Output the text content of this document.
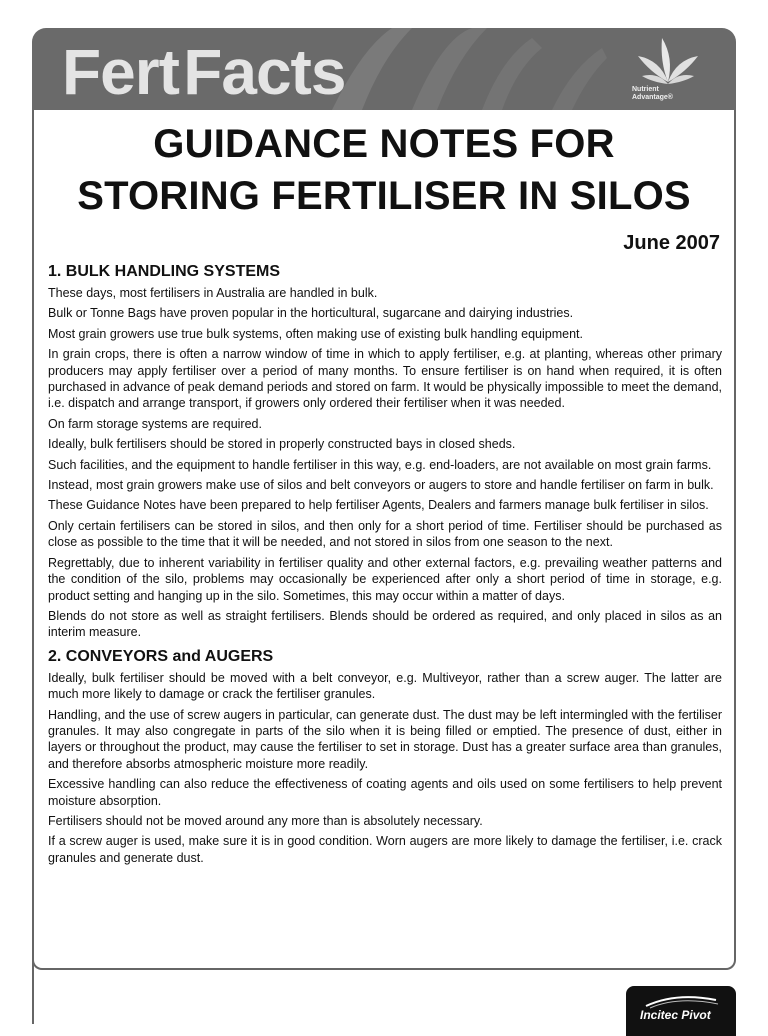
Fert Facts	Nutrient
Advantage®
GUIDANCE NOTES FOR
STORING FERTILISER IN SILOS
June 2007
1. BULK HANDLING SYSTEMS

These days, most fertilisers in Australia are handled in bulk.

Bulk or Tonne Bags have proven popular in the horticultural, sugarcane and dairying industries.

Most grain growers use true bulk systems, often making use of existing bulk handling equipment.

In grain crops, there is often a narrow window of time in which to apply fertiliser, e.g. at planting, whereas other primary producers may apply fertiliser over a period of many months. To ensure fertiliser is on hand when required, it is often purchased in advance of peak demand periods and stored on farm. It would be physically impossible to meet the demand, i.e. dispatch and arrange transport, if growers only ordered their fertiliser when it was needed.

On farm storage systems are required.

Ideally, bulk fertilisers should be stored in properly constructed bays in closed sheds.

Such facilities, and the equipment to handle fertiliser in this way, e.g. end-loaders, are not available on most grain farms.

Instead, most grain growers make use of silos and belt conveyors or augers to store and handle fertiliser on farm in bulk.

These Guidance Notes have been prepared to help fertiliser Agents, Dealers and farmers manage bulk fertiliser in silos.

Only certain fertilisers can be stored in silos, and then only for a short period of time. Fertiliser should be purchased as close as possible to the time that it will be needed, and not stored in silos from one season to the next.

Regrettably, due to inherent variability in fertiliser quality and other external factors, e.g. prevailing weather patterns and the condition of the silo, problems may occasionally be experienced after only a short period of time in storage, e.g. product setting and hanging up in the silo. Sometimes, this may occur within a matter of days.

Blends do not store as well as straight fertilisers. Blends should be ordered as required, and only placed in silos as an interim measure.

2. CONVEYORS and AUGERS

Ideally, bulk fertiliser should be moved with a belt conveyor, e.g. Multiveyor, rather than a screw auger. The latter are much more likely to damage or crack the fertiliser granules.

Handling, and the use of screw augers in particular, can generate dust. The dust may be left intermingled with the fertiliser granules. It may also congregate in parts of the silo when it is being filled or emptied. The presence of dust, either in layers or throughout the product, may cause the fertiliser to set in storage. Dust has a greater surface area than granules, and therefore absorbs atmospheric moisture more readily.

Excessive handling can also reduce the effectiveness of coating agents and oils used on some fertilisers to help prevent moisture absorption.

Fertilisers should not be moved around any more than is absolutely necessary.

If a screw auger is used, make sure it is in good condition. Worn augers are more likely to damage the fertiliser, i.e. crack granules and generate dust.

Incitec Pivot
